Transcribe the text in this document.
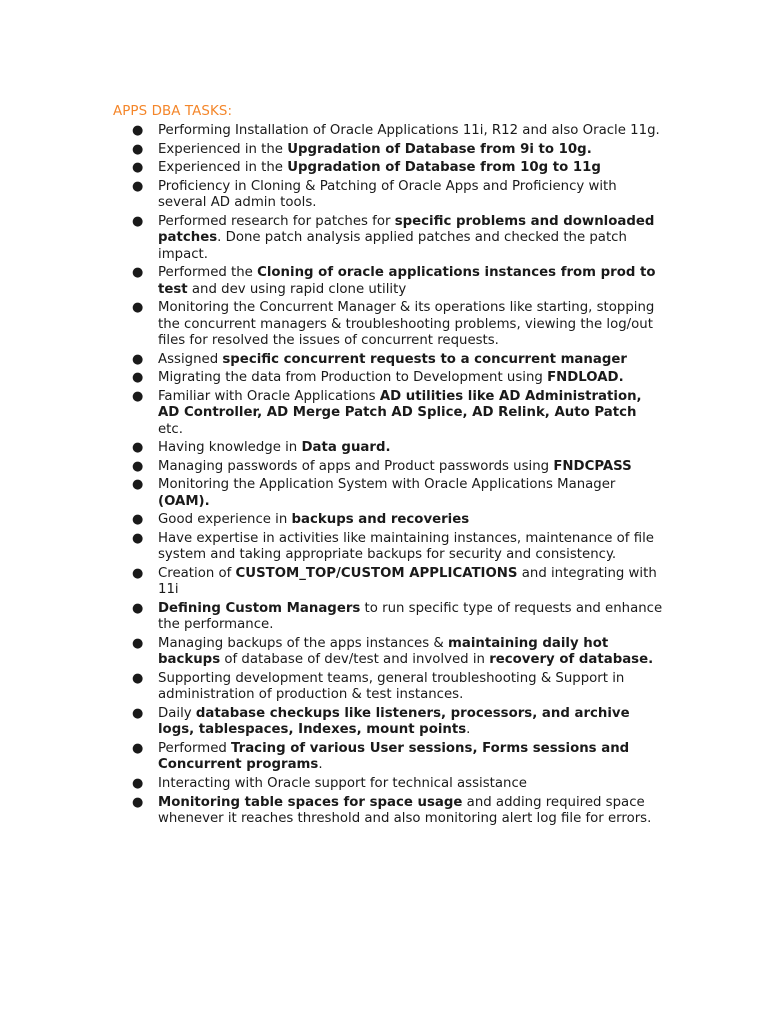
APPS DBA TASKS:
● Performing Installation of Oracle Applications 11i, R12 and also Oracle 11g.
● Experienced in the Upgradation of Database from 9i to 10g.
● Experienced in the Upgradation of Database from 10g to 11g
● Proficiency in Cloning & Patching of Oracle Apps and Proficiency with several AD admin tools.
● Performed research for patches for specific problems and downloaded patches. Done patch analysis applied patches and checked the patch impact.
● Performed the Cloning of oracle applications instances from prod to test and dev using rapid clone utility
● Monitoring the Concurrent Manager & its operations like starting, stopping the concurrent managers & troubleshooting problems, viewing the log/out files for resolved the issues of concurrent requests.
● Assigned specific concurrent requests to a concurrent manager
● Migrating the data from Production to Development using FNDLOAD.
● Familiar with Oracle Applications AD utilities like AD Administration, AD Controller, AD Merge Patch AD Splice, AD Relink, Auto Patch etc.
● Having knowledge in Data guard.
● Managing passwords of apps and Product passwords using FNDCPASS
● Monitoring the Application System with Oracle Applications Manager (OAM).
● Good experience in backups and recoveries
● Have expertise in activities like maintaining instances, maintenance of file system and taking appropriate backups for security and consistency.
● Creation of CUSTOM_TOP/CUSTOM APPLICATIONS and integrating with 11i
● Defining Custom Managers to run specific type of requests and enhance the performance.
● Managing backups of the apps instances & maintaining daily hot backups of database of dev/test and involved in recovery of database.
● Supporting development teams, general troubleshooting & Support in administration of production & test instances.
● Daily database checkups like listeners, processors, and archive logs, tablespaces, Indexes, mount points.
● Performed Tracing of various User sessions, Forms sessions and Concurrent programs.
● Interacting with Oracle support for technical assistance
● Monitoring table spaces for space usage and adding required space whenever it reaches threshold and also monitoring alert log file for errors.
